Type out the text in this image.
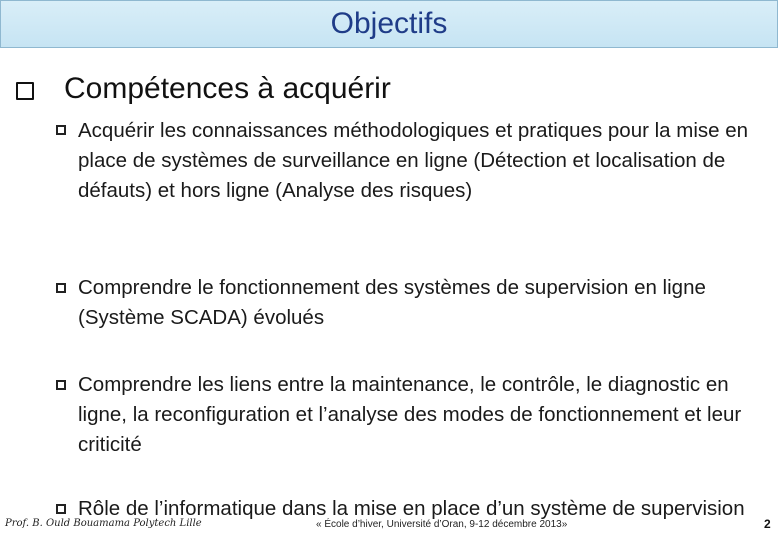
Objectifs
Compétences à acquérir
Acquérir les connaissances méthodologiques et pratiques pour la mise en place de systèmes de surveillance en ligne (Détection et localisation de défauts) et hors ligne (Analyse des risques)
Comprendre le fonctionnement des systèmes de supervision en ligne (Système SCADA) évolués
Comprendre les liens entre la maintenance, le contrôle, le diagnostic en ligne, la reconfiguration et l’analyse des modes de fonctionnement et leur criticité
Rôle de l’informatique dans la mise en place d’un système de supervision
Prof. B. Ould Bouamama Polytech Lille	« École d’hiver, Université d’Oran, 9-12 décembre 2013»	2
